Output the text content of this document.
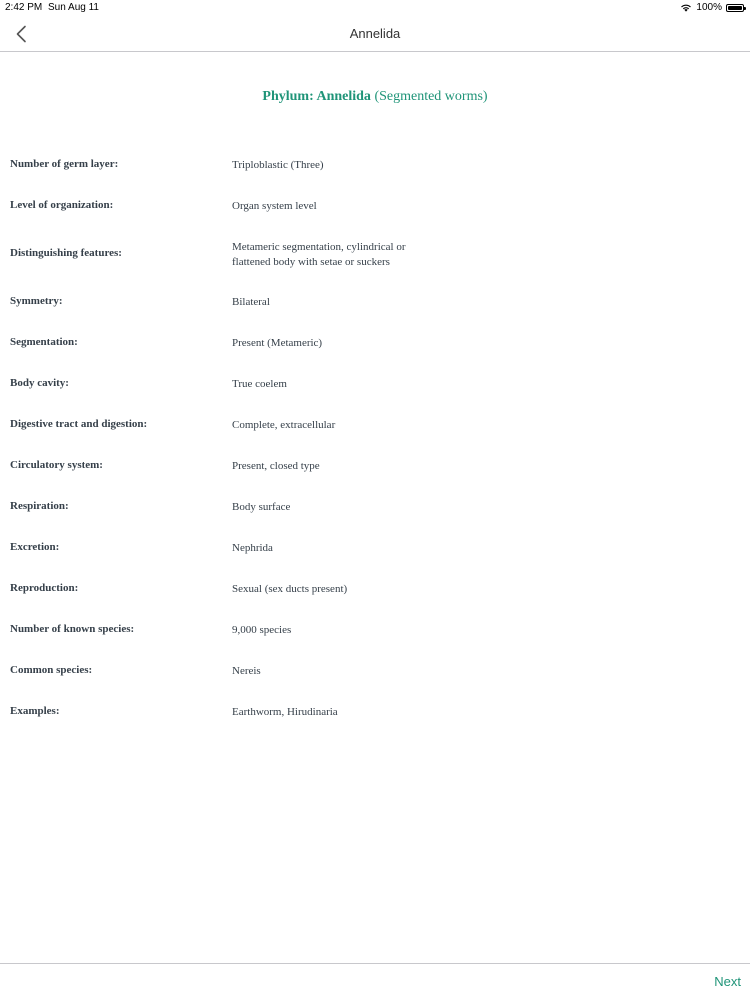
2:42 PM Sun Aug 11	100%
Annelida
Phylum: Annelida (Segmented worms)
Number of germ layer:	Triploblastic (Three)
Level of organization:	Organ system level
Distinguishing features:	Metameric segmentation, cylindrical or
flattened body with setae or suckers
Symmetry:	Bilateral
Segmentation:	Present (Metameric)
Body cavity:	True coelem
Digestive tract and digestion:	Complete, extracellular
Circulatory system:	Present, closed type
Respiration:	Body surface
Excretion:	Nephrida
Reproduction:	Sexual (sex ducts present)
Number of known species:	9,000 species
Common species:	Nereis
Examples:	Earthworm, Hirudinaria
Next
